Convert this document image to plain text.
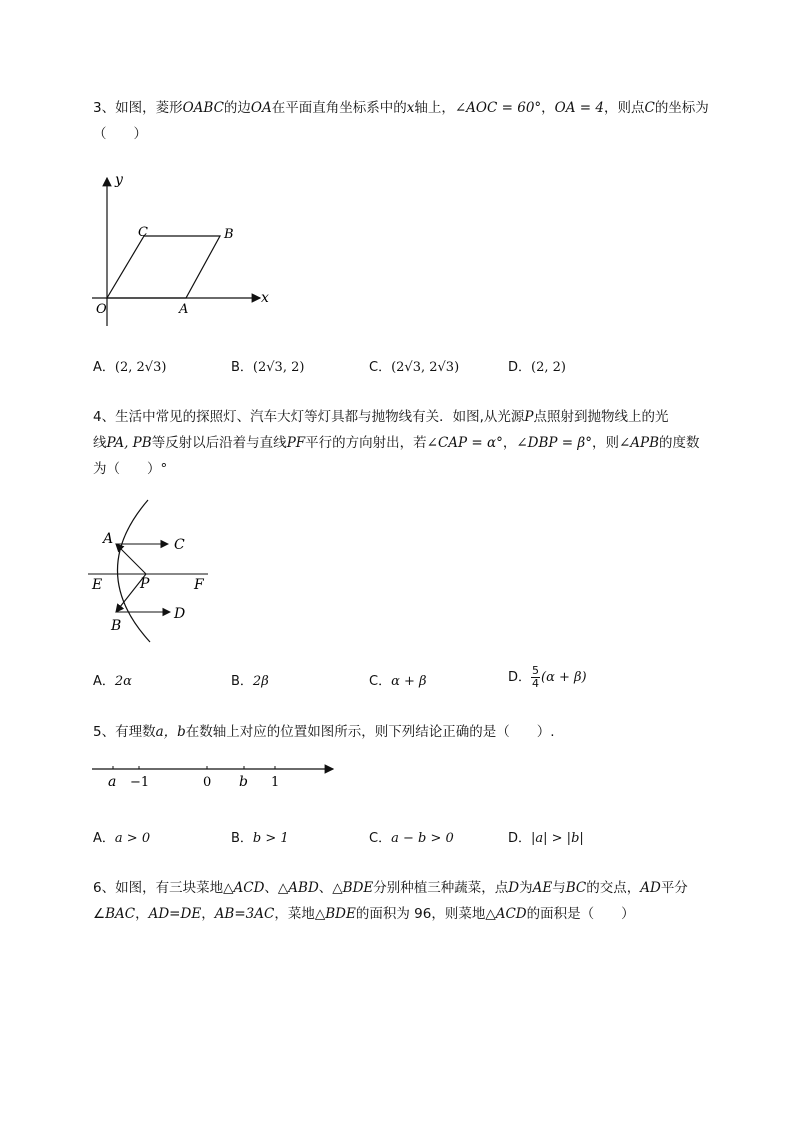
3、如图，菱形OABC的边OA在平面直角坐标系中的x轴上，∠AOC = 60°，OA = 4，则点C的坐标为
（　　）
y
x
O	A
B
C
A．(2, 2√3)	B．(2√3, 2)	C．(2√3, 2√3)	D．(2, 2)
4、生活中常见的探照灯、汽车大灯等灯具都与抛物线有关．如图,从光源P点照射到抛物线上的光
线PA, PB等反射以后沿着与直线PF平行的方向射出，若∠CAP = α°，∠DBP = β°，则∠APB的度数
为（　　）°
A	C
E	P	F
D
B
A．2α	B．2β	C．α + β	D． $\frac{5}{4} (\alpha + \beta)$
5、有理数a，b在数轴上对应的位置如图所示，则下列结论正确的是（　　）.
a −1	0 b 1
A．a > 0	B．b > 1	C．a − b > 0	D．|a| > |b|
6、如图，有三块菜地△ACD、△ABD、△BDE分别种植三种蔬菜，点D为AE与BC的交点，AD平分
∠BAC，AD=DE，AB=3AC，菜地△BDE的面积为 96，则菜地△ACD的面积是（　　）
